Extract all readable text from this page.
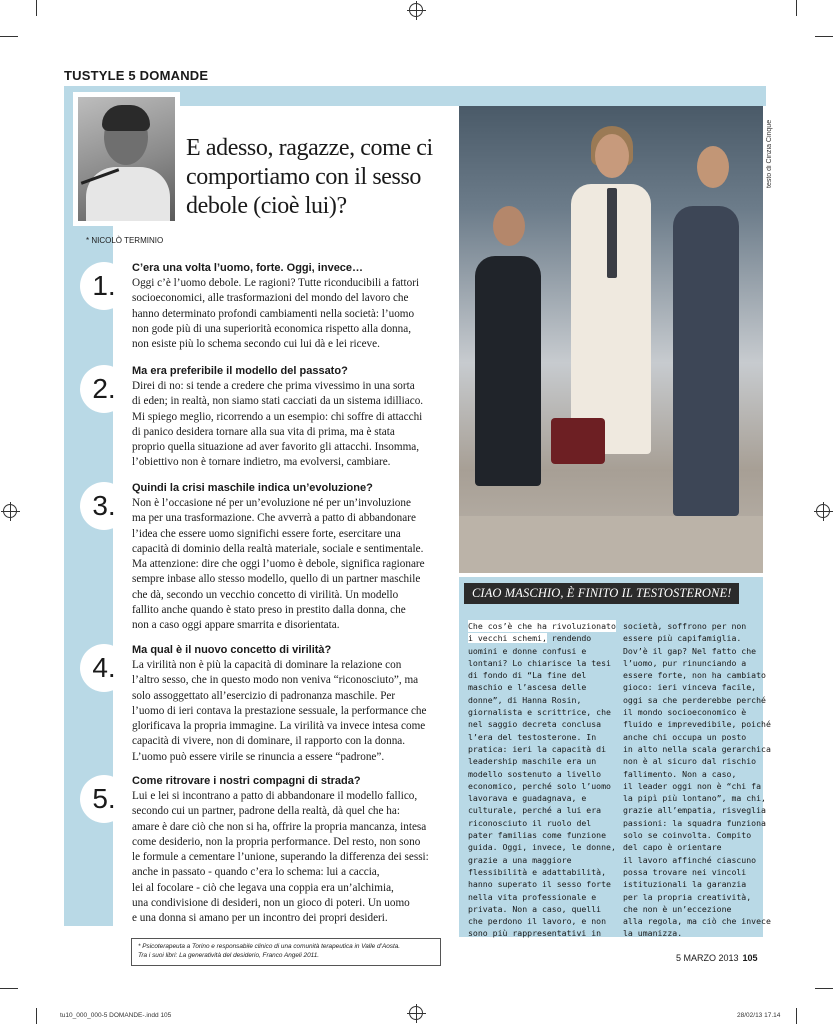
TUSTYLE 5 DOMANDE
* NICOLÒ TERMINIO
E adesso, ragazze, come ci comportiamo con il sesso debole (cioè lui)?
1.
C’era una volta l’uomo, forte. Oggi, invece…
Oggi c’è l’uomo debole. Le ragioni? Tutte riconducibili a fattori
socioeconomici, alle trasformazioni del mondo del lavoro che
hanno determinato profondi cambiamenti nella società: l’uomo
non gode più di una superiorità economica rispetto alla donna,
non esiste più lo schema secondo cui lui dà e lei riceve.
2.
Ma era preferibile il modello del passato?
Direi di no: si tende a credere che prima vivessimo in una sorta
di eden; in realtà, non siamo stati cacciati da un sistema idilliaco.
Mi spiego meglio, ricorrendo a un esempio: chi soffre di attacchi
di panico desidera tornare alla sua vita di prima, ma è stata
proprio quella situazione ad aver favorito gli attacchi. Insomma,
l’obiettivo non è tornare indietro, ma evolversi, cambiare.
3.
Quindi la crisi maschile indica un’evoluzione?
Non è l’occasione né per un’evoluzione né per un’involuzione
ma per una trasformazione. Che avverrà a patto di abbandonare
l’idea che essere uomo significhi essere forte, esercitare una
capacità di dominio della realtà materiale, sociale e sentimentale.
Ma attenzione: dire che oggi l’uomo è debole, significa ragionare
sempre inbase allo stesso modello, quello di un partner maschile
che dà, secondo un vecchio concetto di virilità. Un modello
fallito anche quando è stato preso in prestito dalla donna, che
non a caso oggi appare smarrita e disorientata.
4.
Ma qual è il nuovo concetto di virilità?
La virilità non è più la capacità di dominare la relazione con
l’altro sesso, che in questo modo non veniva “riconosciuto”, ma
solo assoggettato all’esercizio di padronanza maschile. Per
l’uomo di ieri contava la prestazione sessuale, la performance che
glorificava la propria immagine. La virilità va invece intesa come
capacità di vivere, non di dominare, il rapporto con la donna.
L’uomo può essere virile se rinuncia a essere “padrone”.
5.
Come ritrovare i nostri compagni di strada?
Lui e lei si incontrano a patto di abbandonare il modello fallico,
secondo cui un partner, padrone della realtà, dà quel che ha:
amare è dare ciò che non si ha, offrire la propria mancanza, intesa
come desiderio, non la propria performance. Del resto, non sono
le formule a cementare l’unione, superando la differenza dei sessi:
anche in passato - quando c’era lo schema: lui a caccia,
lei al focolare - ciò che legava una coppia era un’alchimia,
una condivisione di desideri, non un gioco di poteri. Un uomo
e una donna si amano per un incontro dei propri desideri.
testo di Cinzia Cinque
CIAO MASCHIO, È FINITO IL TESTOSTERONE!
Che cos’è che ha rivoluzionato
i vecchi schemi, rendendo
uomini e donne confusi e
lontani? Lo chiarisce la tesi
di fondo di “La fine del
maschio e l’ascesa delle
donne”, di Hanna Rosin,
giornalista e scrittrice, che
nel saggio decreta conclusa
l’era del testosterone. In
pratica: ieri la capacità di
leadership maschile era un
modello sostenuto a livello
economico, perché solo l’uomo
lavorava e guadagnava, e
culturale, perché a lui era
riconosciuto il ruolo del
pater familias come funzione
guida. Oggi, invece, le donne,
grazie a una maggiore
flessibilità e adattabilità,
hanno superato il sesso forte
nella vita professionale e
privata. Non a caso, quelli
che perdono il lavoro, e non
sono più rappresentativi in
società, soffrono per non
essere più capifamiglia.
Dov’è il gap? Nel fatto che
l’uomo, pur rinunciando a
essere forte, non ha cambiato
gioco: ieri vinceva facile,
oggi sa che perderebbe perché
il mondo socioeconomico è
fluido e imprevedibile, poiché
anche chi occupa un posto
in alto nella scala gerarchica
non è al sicuro dal rischio
fallimento. Non a caso,
il leader oggi non è “chi fa
la pipì più lontano”, ma chi,
grazie all’empatia, risveglia
passioni: la squadra funziona
solo se coinvolta. Compito
del capo è orientare
il lavoro affinché ciascuno
possa trovare nei vincoli
istituzionali la garanzia
per la propria creatività,
che non è un’eccezione
alla regola, ma ciò che invece
la umanizza.
* Psicoterapeuta a Torino e responsabile clinico di una comunità terapeutica in Valle d’Aosta.
Tra i suoi libri: La generatività del desiderio, Franco Angeli 2011.	5 MARZO 2013 105
tu10_000_000-5 DOMANDE-.indd 105	28/02/13 17.14
